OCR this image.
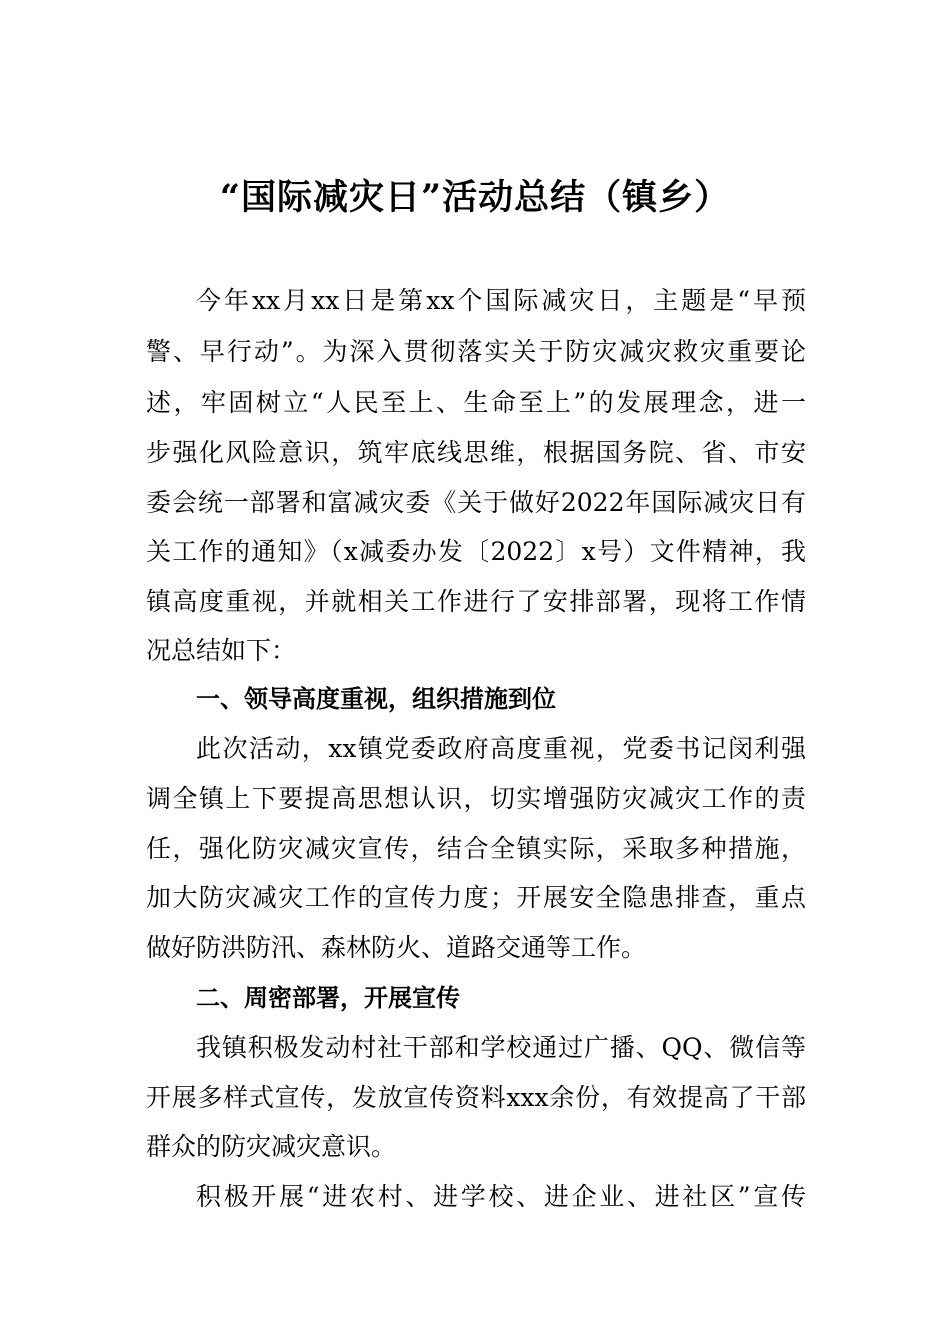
“国际减灾日”活动总结（镇乡）
今年xx月xx日是第xx个国际减灾日，主题是“早预
警、早行动”。为深入贯彻落实关于防灾减灾救灾重要论
述，牢固树立“人民至上、生命至上”的发展理念，进一
步强化风险意识，筑牢底线思维，根据国务院、省、市安
委会统一部署和富减灾委《关于做好2022年国际减灾日有
关工作的通知》（x减委办发〔2022〕x号）文件精神，我
镇高度重视，并就相关工作进行了安排部署，现将工作情
况总结如下：
一、领导高度重视，组织措施到位
此次活动，xx镇党委政府高度重视，党委书记闵利强
调全镇上下要提高思想认识，切实增强防灾减灾工作的责
任，强化防灾减灾宣传，结合全镇实际，采取多种措施，
加大防灾减灾工作的宣传力度；开展安全隐患排查，重点
做好防洪防汛、森林防火、道路交通等工作。
二、周密部署，开展宣传
我镇积极发动村社干部和学校通过广播、QQ、微信等
开展多样式宣传，发放宣传资料xxx余份，有效提高了干部
群众的防灾减灾意识。
积极开展“进农村、进学校、进企业、进社区”宣传
